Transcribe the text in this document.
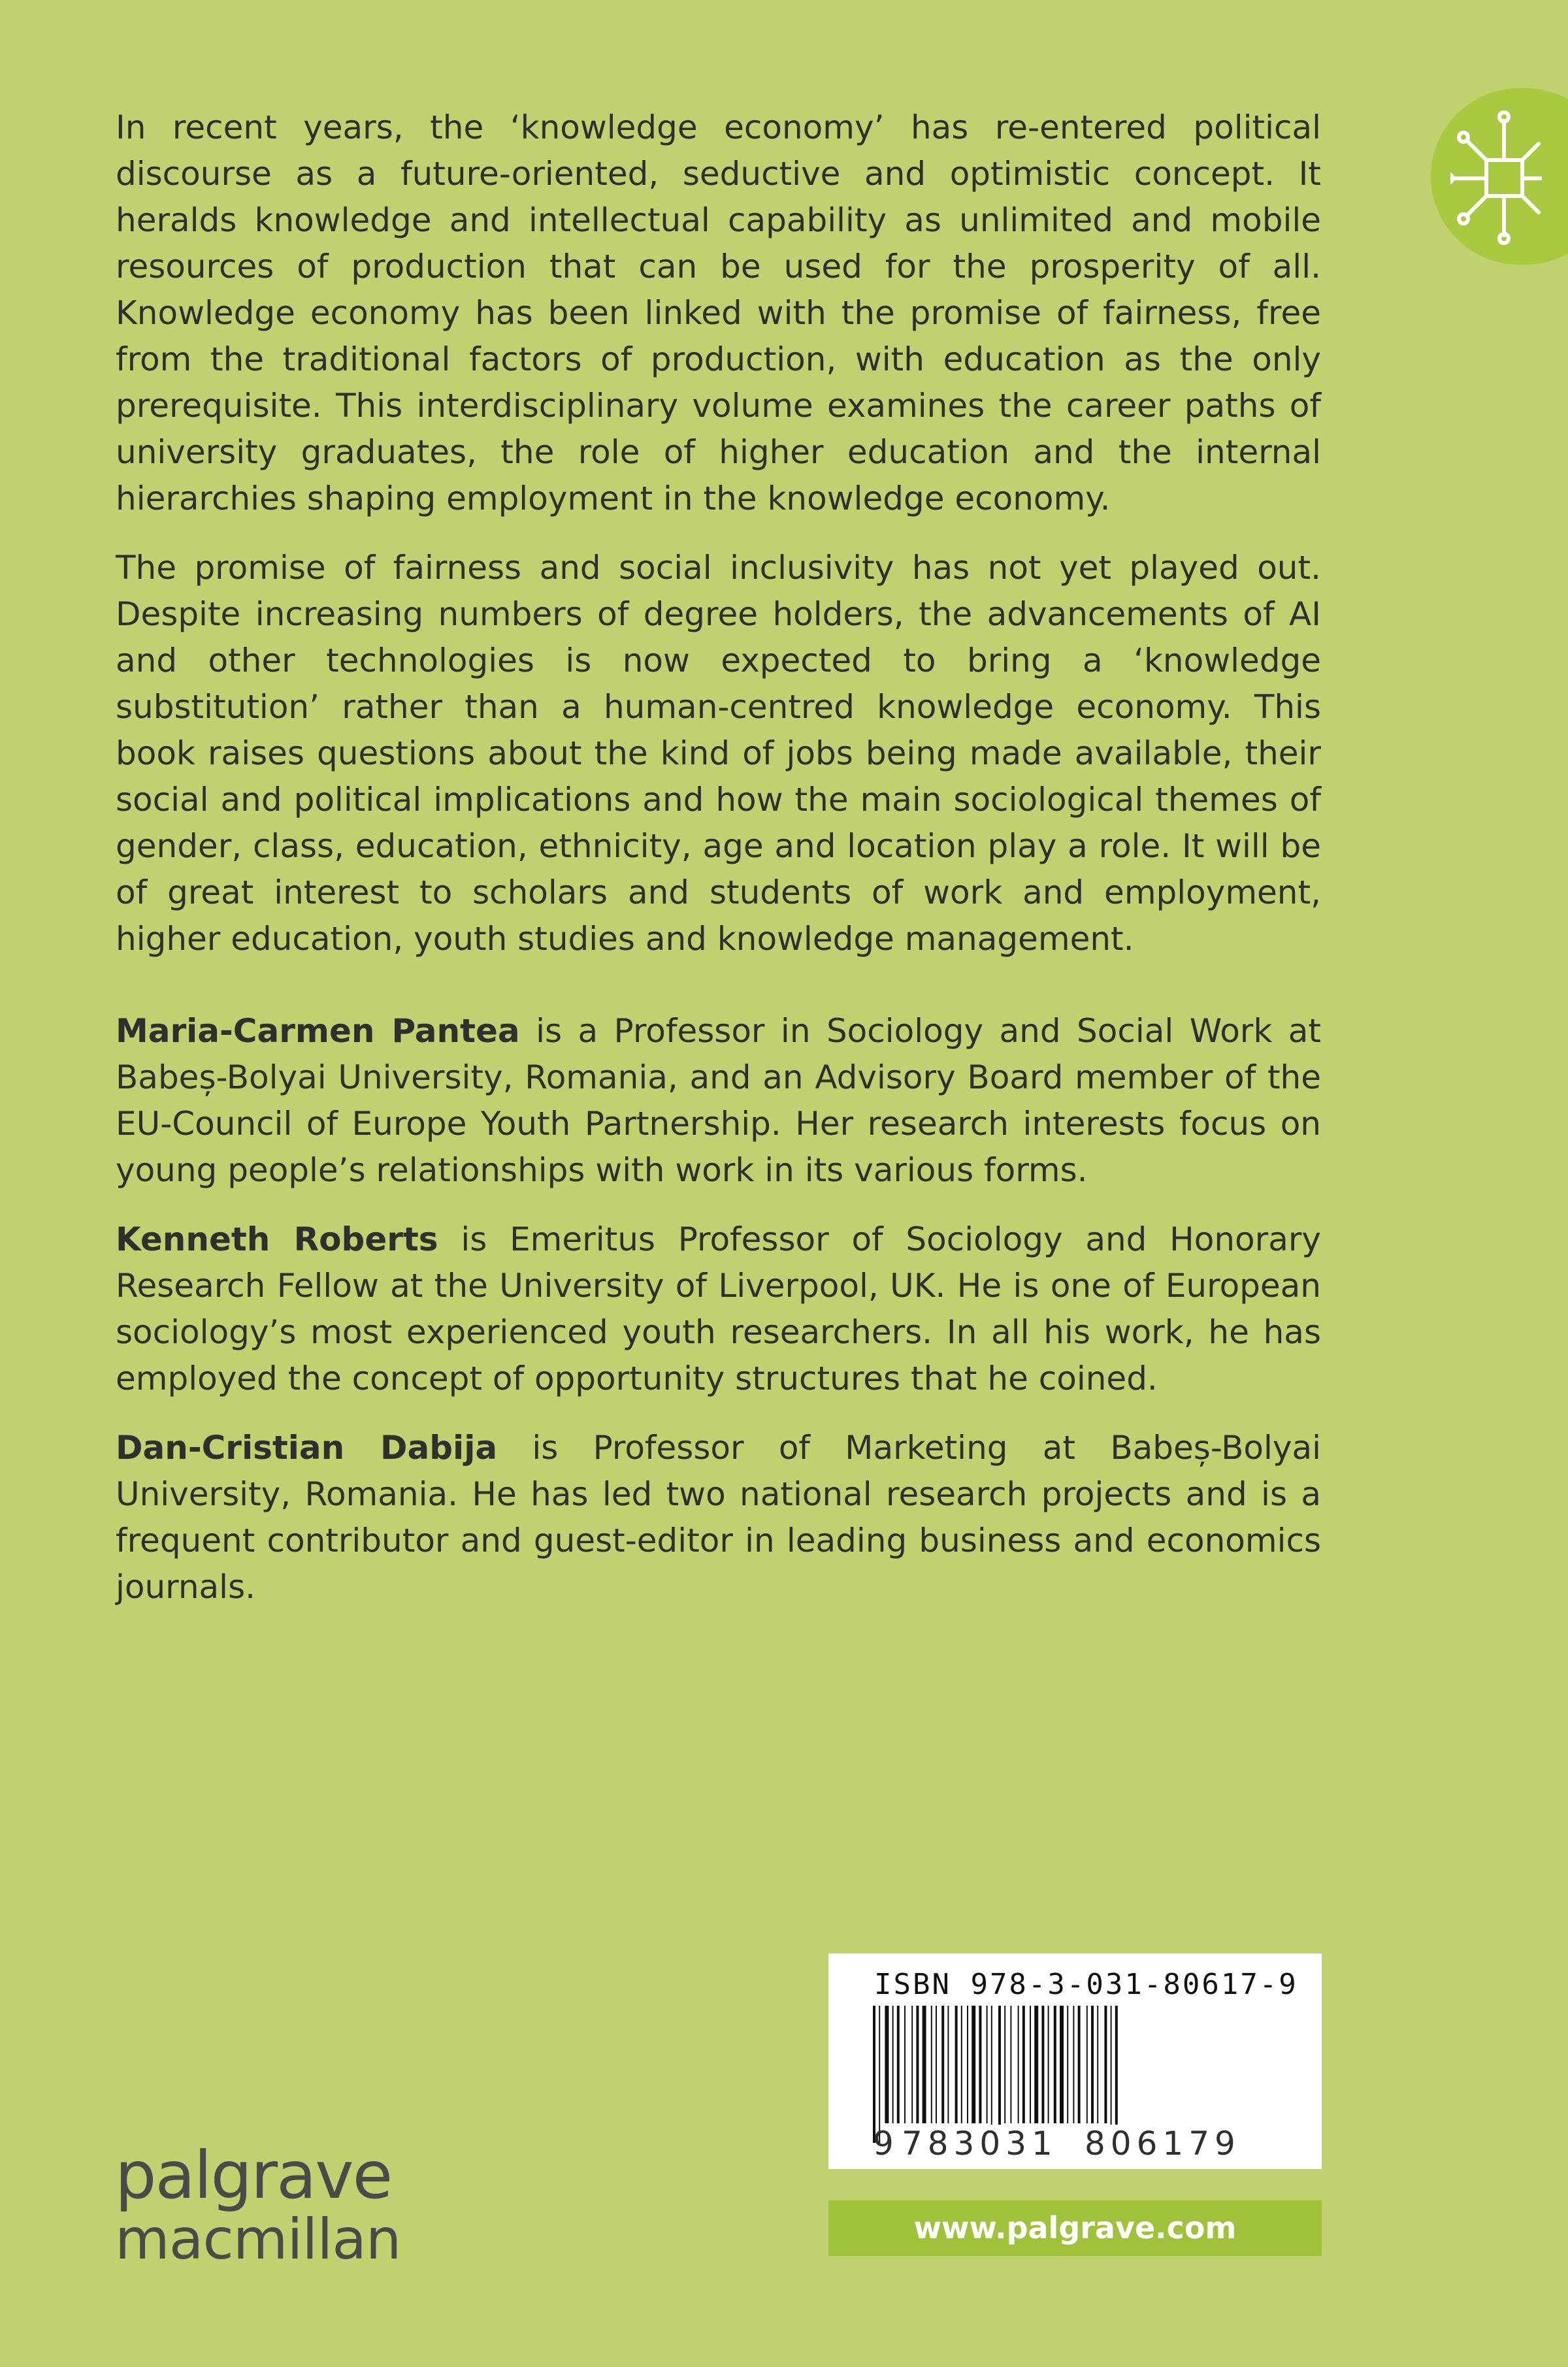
In recent years, the ‘knowledge economy’ has re-entered political discourse as a future-oriented, seductive and optimistic concept. It heralds knowledge and intellectual capability as unlimited and mobile resources of production that can be used for the prosperity of all. Knowledge economy has been linked with the promise of fairness, free from the traditional factors of production, with education as the only prerequisite. This interdisciplinary volume examines the career paths of university graduates, the role of higher education and the internal hierarchies shaping employment in the knowledge economy.

The promise of fairness and social inclusivity has not yet played out. Despite increasing numbers of degree holders, the advancements of AI and other technologies is now expected to bring a ‘knowledge substitution’ rather than a human-centred knowledge economy. This book raises questions about the kind of jobs being made available, their social and political implications and how the main sociological themes of gender, class, education, ethnicity, age and location play a role. It will be of great interest to scholars and students of work and employment, higher education, youth studies and knowledge management.

Maria-Carmen Pantea is a Professor in Sociology and Social Work at Babeș-Bolyai University, Romania, and an Advisory Board member of the EU-Council of Europe Youth Partnership. Her research interests focus on young people’s relationships with work in its various forms.

Kenneth Roberts is Emeritus Professor of Sociology and Honorary Research Fellow at the University of Liverpool, UK. He is one of European sociology’s most experienced youth researchers. In all his work, he has employed the concept of opportunity structures that he coined.

Dan-Cristian Dabija is Professor of Marketing at Babeș-Bolyai University, Romania. He has led two national research projects and is a frequent contributor and guest-editor in leading business and economics journals.

palgrave
macmillan
ISBN 978-3-031-80617-9
9 783031 806179
www.palgrave.com
